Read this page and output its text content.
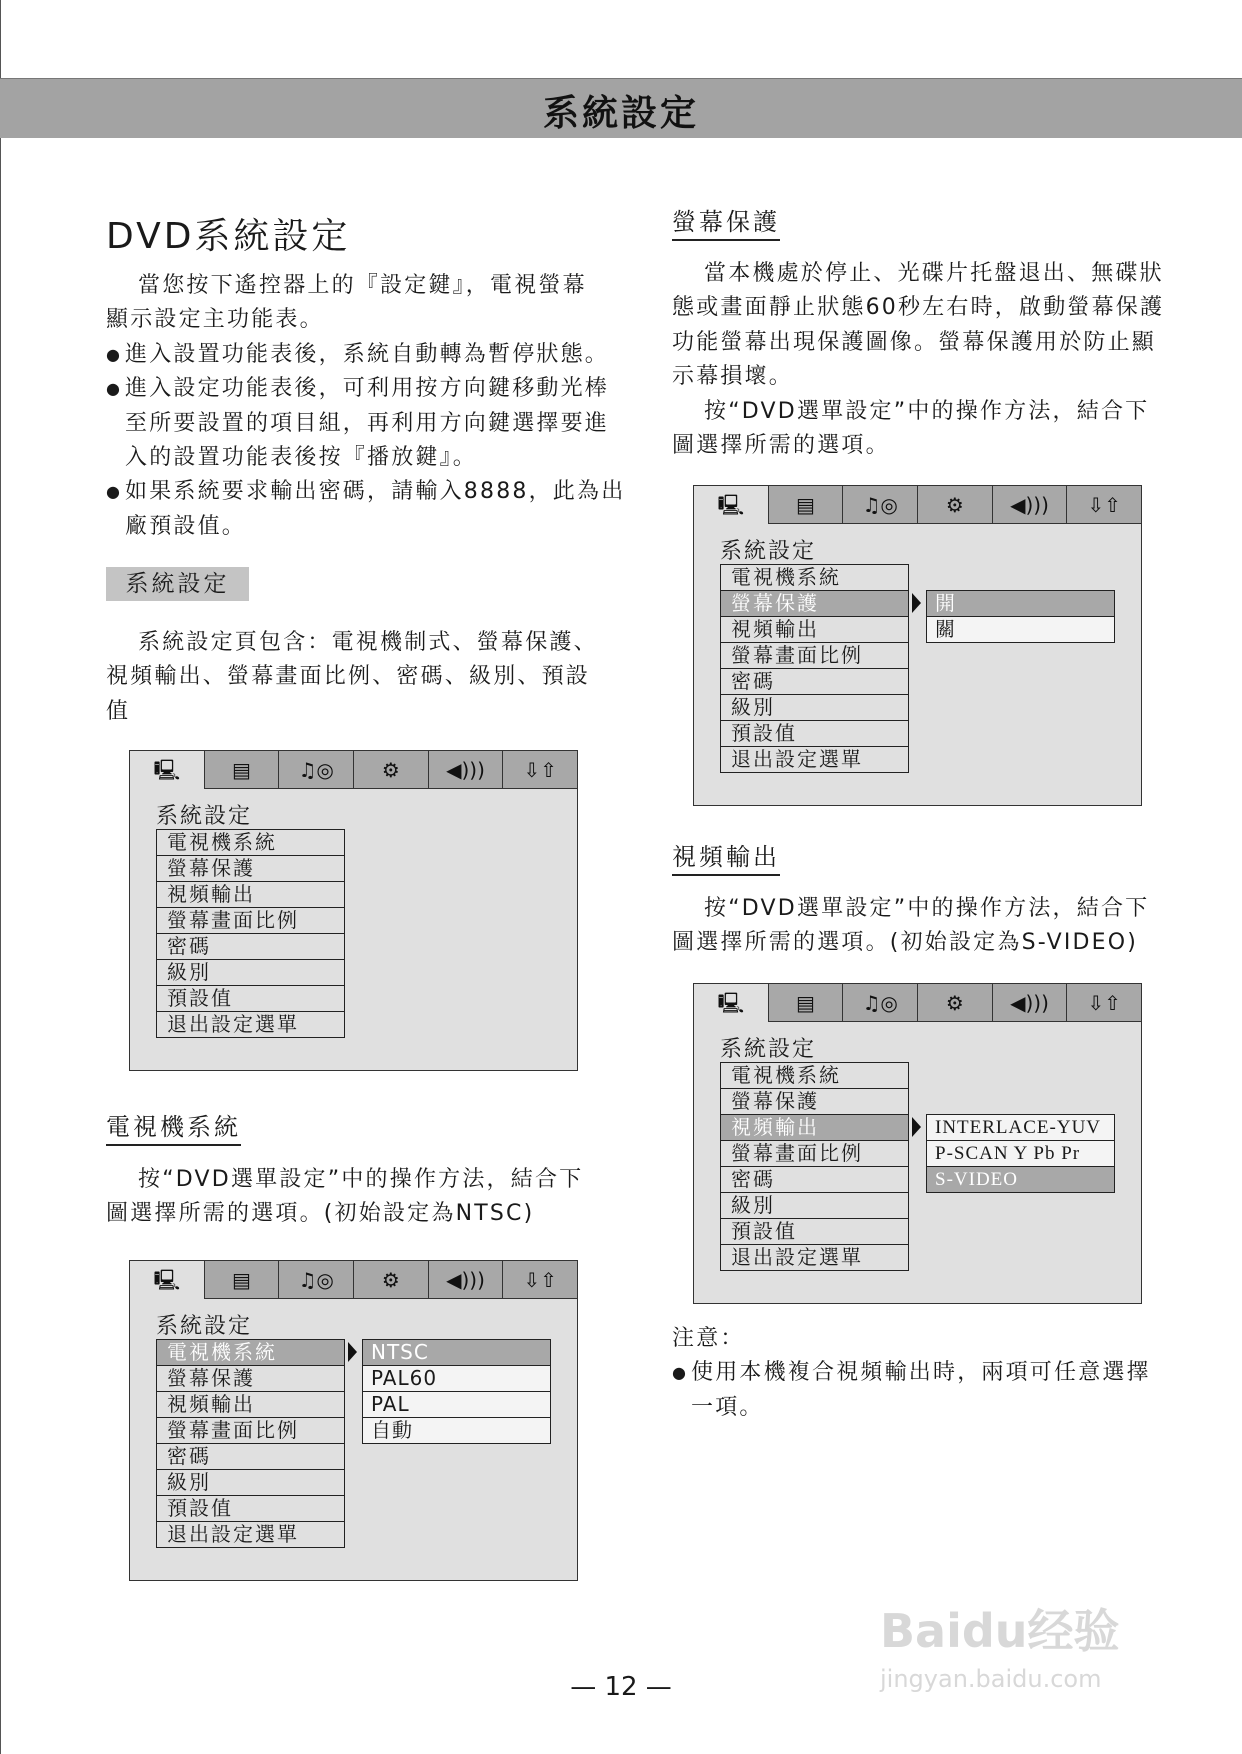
系統設定
DVD系統設定
當您按下遙控器上的『設定鍵』，電視螢幕
顯示設定主功能表。
● 進入設置功能表後，系統自動轉為暫停狀態。
● 進入設定功能表後，可利用按方向鍵移動光棒
至所要設置的項目組，再利用方向鍵選擇要進
入的設置功能表後按『播放鍵』。
● 如果系統要求輸出密碼，請輸入8888，此為出
廠預設值。
系統設定
系統設定頁包含：電視機制式、螢幕保護、
視頻輸出、螢幕畫面比例、密碼、級別、預設
值
🖳	▤	♫◎	⚙	◀)))	⇩⇧
系統設定
電視機系統
螢幕保護
視頻輸出
螢幕畫面比例
密碼
級別
預設值
退出設定選單
電視機系統
按“DVD選單設定”中的操作方法，結合下
圖選擇所需的選項。(初始設定為NTSC)
🖳	▤	♫◎	⚙	◀)))	⇩⇧
系統設定
電視機系統
螢幕保護
視頻輸出
螢幕畫面比例
密碼
級別
預設值
退出設定選單
NTSC
PAL60
PAL
自動
螢幕保護
當本機處於停止、光碟片托盤退出、無碟狀
態或畫面靜止狀態60秒左右時，啟動螢幕保護
功能螢幕出現保護圖像。螢幕保護用於防止顯
示幕損壞。
按“DVD選單設定”中的操作方法，結合下
圖選擇所需的選項。
🖳	▤	♫◎	⚙	◀)))	⇩⇧
系統設定
電視機系統
螢幕保護
視頻輸出
螢幕畫面比例
密碼
級別
預設值
退出設定選單
開
關
視頻輸出
按“DVD選單設定”中的操作方法，結合下
圖選擇所需的選項。(初始設定為S-VIDEO)
🖳	▤	♫◎	⚙	◀)))	⇩⇧
系統設定
電視機系統
螢幕保護
視頻輸出
螢幕畫面比例
密碼
級別
預設值
退出設定選單
INTERLACE-YUV
P-SCAN Y Pb Pr
S-VIDEO
注意：
● 使用本機複合視頻輸出時，兩項可任意選擇
一項。
Baidu经验
jingyan.baidu.com
— 12 —
